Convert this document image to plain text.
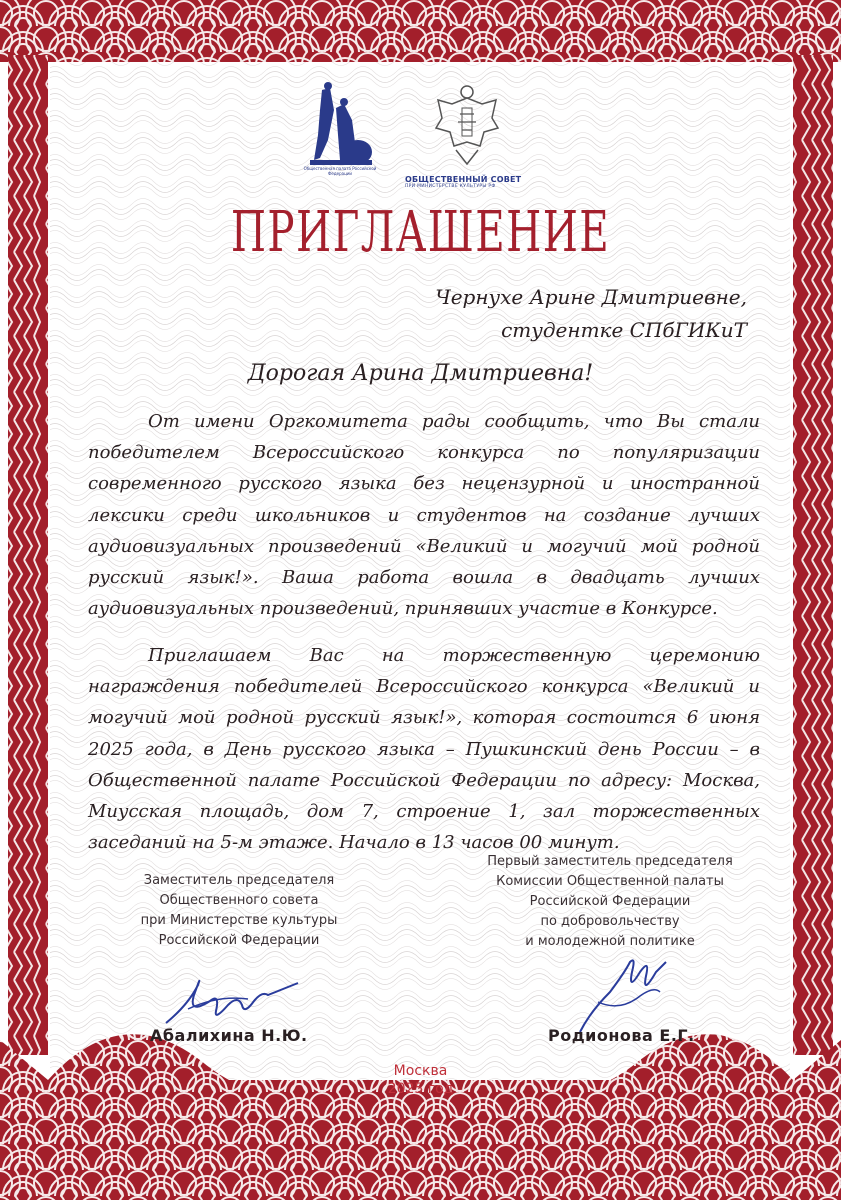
Общественная палата Российской Федерации
ОБЩЕСТВЕННЫЙ СОВЕТ
ПРИ МИНИСТЕРСТВЕ КУЛЬТУРЫ РФ
ПРИГЛАШЕНИЕ
Чернухе Арине Дмитриевне,
студентке СПбГИКиТ
Дорогая Арина Дмитриевна!
От имени Оргкомитета рады сообщить, что Вы стали победителем Всероссийского конкурса по популяризации современного русского языка без нецензурной и иностранной лексики среди школьников и студентов на создание лучших аудиовизуальных произведений «Великий и могучий мой родной русский язык!». Ваша работа вошла в двадцать лучших аудиовизуальных произведений, принявших участие в Конкурсе.
Приглашаем Вас на торжественную церемонию награждения победителей Всероссийского конкурса «Великий и могучий мой родной русский язык!», которая состоится 6 июня 2025 года, в День русского языка – Пушкинский день России – в Общественной палате Российской Федерации по адресу: Москва, Миусская площадь, дом 7, строение 1, зал торжественных заседаний на 5-м этаже. Начало в 13 часов 00 минут.
Заместитель председателя
Общественного совета
при Министерстве культуры
Российской Федерации
Первый заместитель председателя
Комиссии Общественной палаты
Российской Федерации
по добровольчеству
и молодежной политике
Абалихина Н.Ю.	Родионова Е.Г.
Москва
2025 год
